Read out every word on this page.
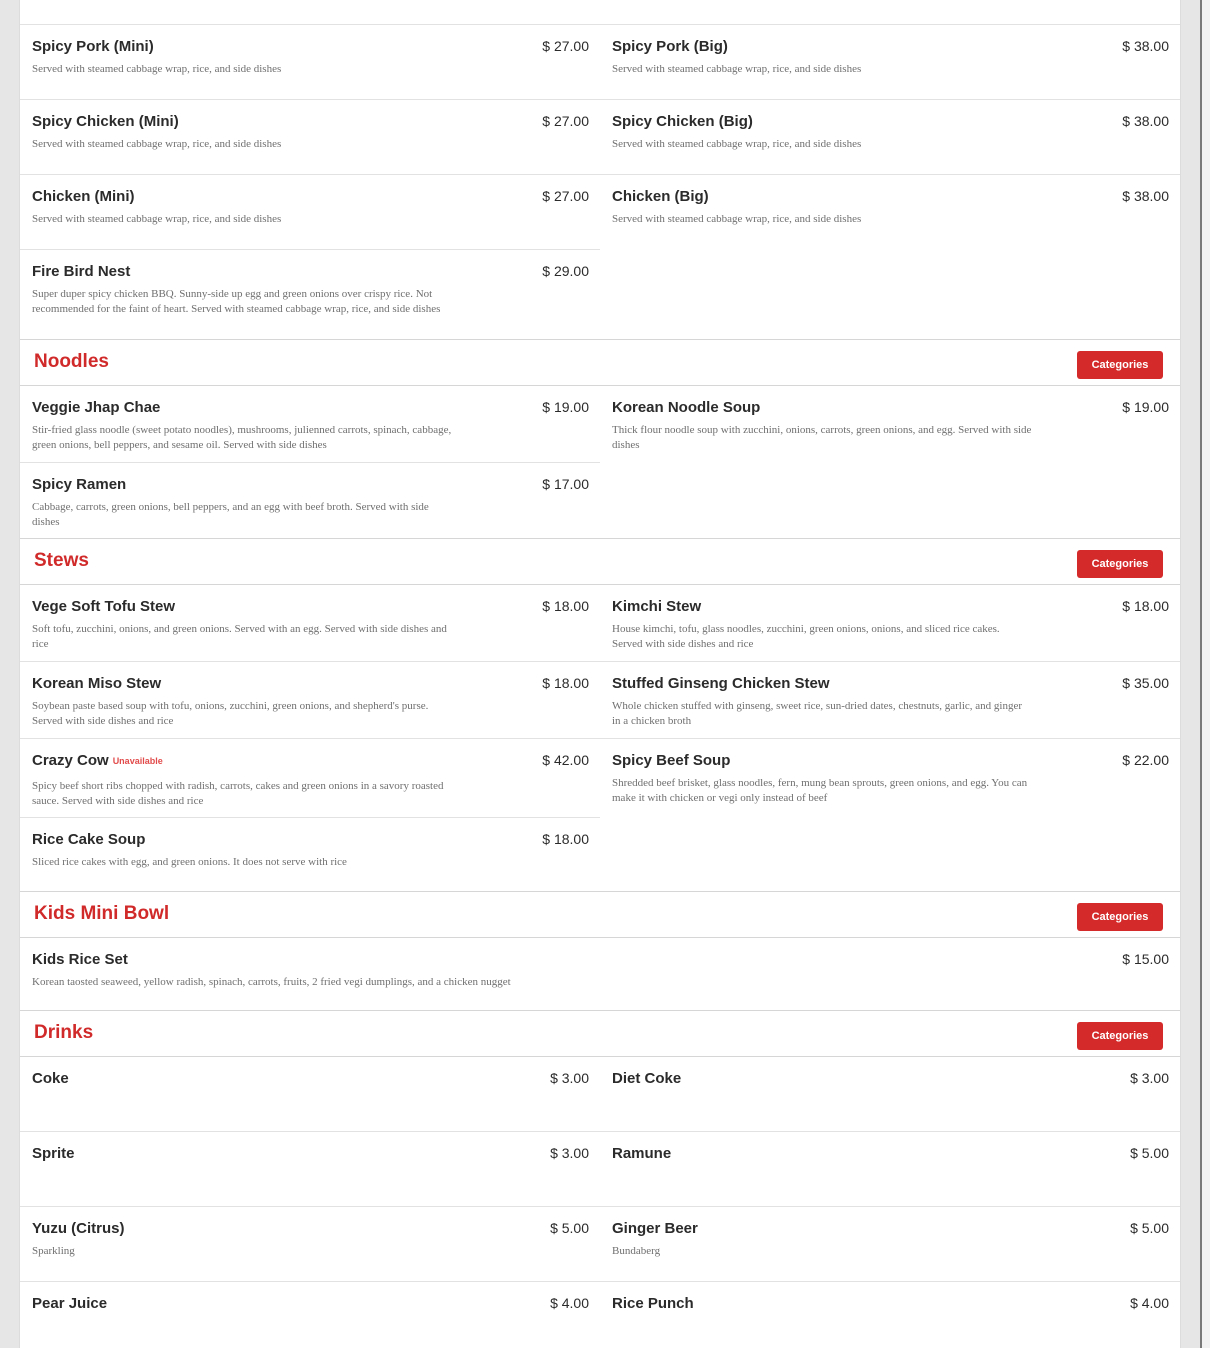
Spicy Pork (Mini)	$ 27.00
Served with steamed cabbage wrap, rice, and side dishes
Spicy Pork (Big)	$ 38.00
Served with steamed cabbage wrap, rice, and side dishes
Spicy Chicken (Mini)	$ 27.00
Served with steamed cabbage wrap, rice, and side dishes
Spicy Chicken (Big)	$ 38.00
Served with steamed cabbage wrap, rice, and side dishes
Chicken (Mini)	$ 27.00
Served with steamed cabbage wrap, rice, and side dishes
Chicken (Big)	$ 38.00
Served with steamed cabbage wrap, rice, and side dishes
Fire Bird Nest	$ 29.00
Super duper spicy chicken BBQ. Sunny-side up egg and green onions over crispy rice. Not recommended for the faint of heart. Served with steamed cabbage wrap, rice, and side dishes
Noodles	Categories
Veggie Jhap Chae	$ 19.00
Stir-fried glass noodle (sweet potato noodles), mushrooms, julienned carrots, spinach, cabbage, green onions, bell peppers, and sesame oil. Served with side dishes
Korean Noodle Soup	$ 19.00
Thick flour noodle soup with zucchini, onions, carrots, green onions, and egg. Served with side dishes
Spicy Ramen	$ 17.00
Cabbage, carrots, green onions, bell peppers, and an egg with beef broth. Served with side dishes
Stews	Categories
Vege Soft Tofu Stew	$ 18.00
Soft tofu, zucchini, onions, and green onions. Served with an egg. Served with side dishes and rice
Kimchi Stew	$ 18.00
House kimchi, tofu, glass noodles, zucchini, green onions, onions, and sliced rice cakes. Served with side dishes and rice
Korean Miso Stew	$ 18.00
Soybean paste based soup with tofu, onions, zucchini, green onions, and shepherd's purse. Served with side dishes and rice
Stuffed Ginseng Chicken Stew	$ 35.00
Whole chicken stuffed with ginseng, sweet rice, sun-dried dates, chestnuts, garlic, and ginger in a chicken broth
Crazy Cow Unavailable	$ 42.00
Spicy beef short ribs chopped with radish, carrots, cakes and green onions in a savory roasted sauce. Served with side dishes and rice
Spicy Beef Soup	$ 22.00
Shredded beef brisket, glass noodles, fern, mung bean sprouts, green onions, and egg. You can make it with chicken or vegi only instead of beef
Rice Cake Soup	$ 18.00
Sliced rice cakes with egg, and green onions. It does not serve with rice
Kids Mini Bowl	Categories
Kids Rice Set	$ 15.00
Korean taosted seaweed, yellow radish, spinach, carrots, fruits, 2 fried vegi dumplings, and a chicken nugget
Drinks	Categories
Coke	$ 3.00 Diet Coke	$ 3.00
Sprite	$ 3.00 Ramune	$ 5.00
Yuzu (Citrus)	$ 5.00
Sparkling
Ginger Beer	$ 5.00
Bundaberg
Pear Juice	$ 4.00 Rice Punch	$ 4.00
